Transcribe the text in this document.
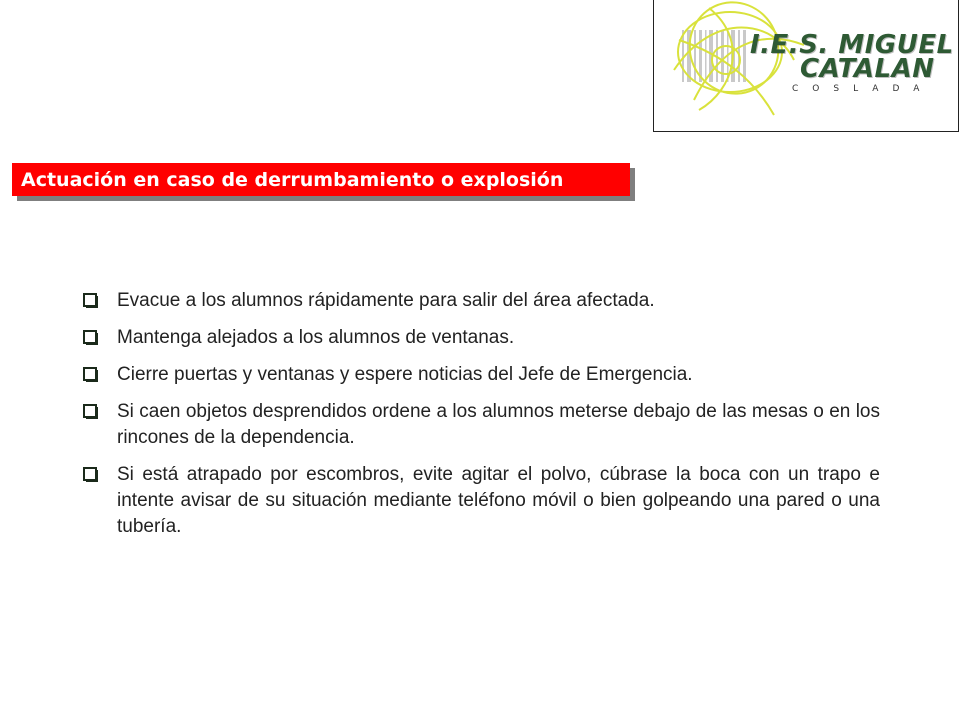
I.E.S. MIGUEL
CATALAN
COSLADA
Actuación en caso de derrumbamiento o explosión
Evacue a los alumnos rápidamente para salir del área afectada.
Mantenga alejados a los alumnos de ventanas.
Cierre puertas y ventanas y espere noticias del Jefe de Emergencia.
Si caen objetos desprendidos ordene a los alumnos meterse debajo de las mesas o en los rincones de la dependencia.
Si está atrapado por escombros, evite agitar el polvo, cúbrase la boca con un trapo e intente avisar de su situación mediante teléfono móvil o bien golpeando una pared o una tubería.
